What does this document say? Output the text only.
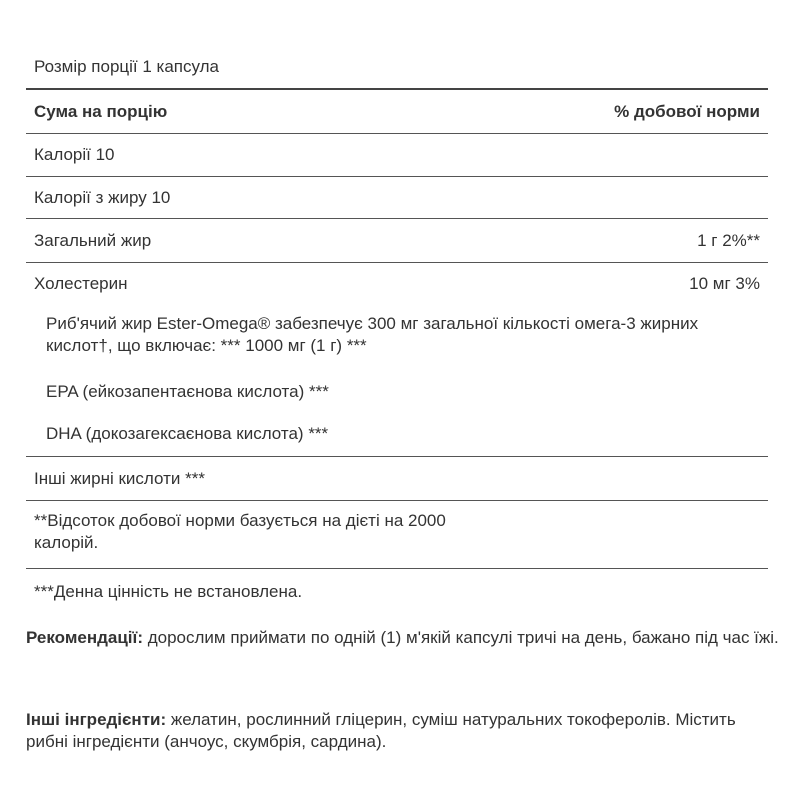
Розмір порції 1 капсула
Сума на порцію	% добової норми
Калорії 10
Калорії з жиру 10
Загальний жир	1 г 2%**
Холестерин	10 мг 3%
Риб'ячий жир Ester-Omega® забезпечує 300 мг загальної кількості омега-3 жирних кислот†, що включає: *** 1000 мг (1 г) ***
EPA (ейкозапентаєнова кислота) ***
DHA (докозагексаєнова кислота) ***
Інші жирні кислоти ***
**Відсоток добової норми базується на дієті на 2000 калорій.
***Денна цінність не встановлена.
Рекомендації: дорослим приймати по одній (1) м'якій капсулі тричі на день, бажано під час їжі.
Інші інгредієнти: желатин, рослинний гліцерин, суміш натуральних токоферолів. Містить рибні інгредієнти (анчоус, скумбрія, сардина).
